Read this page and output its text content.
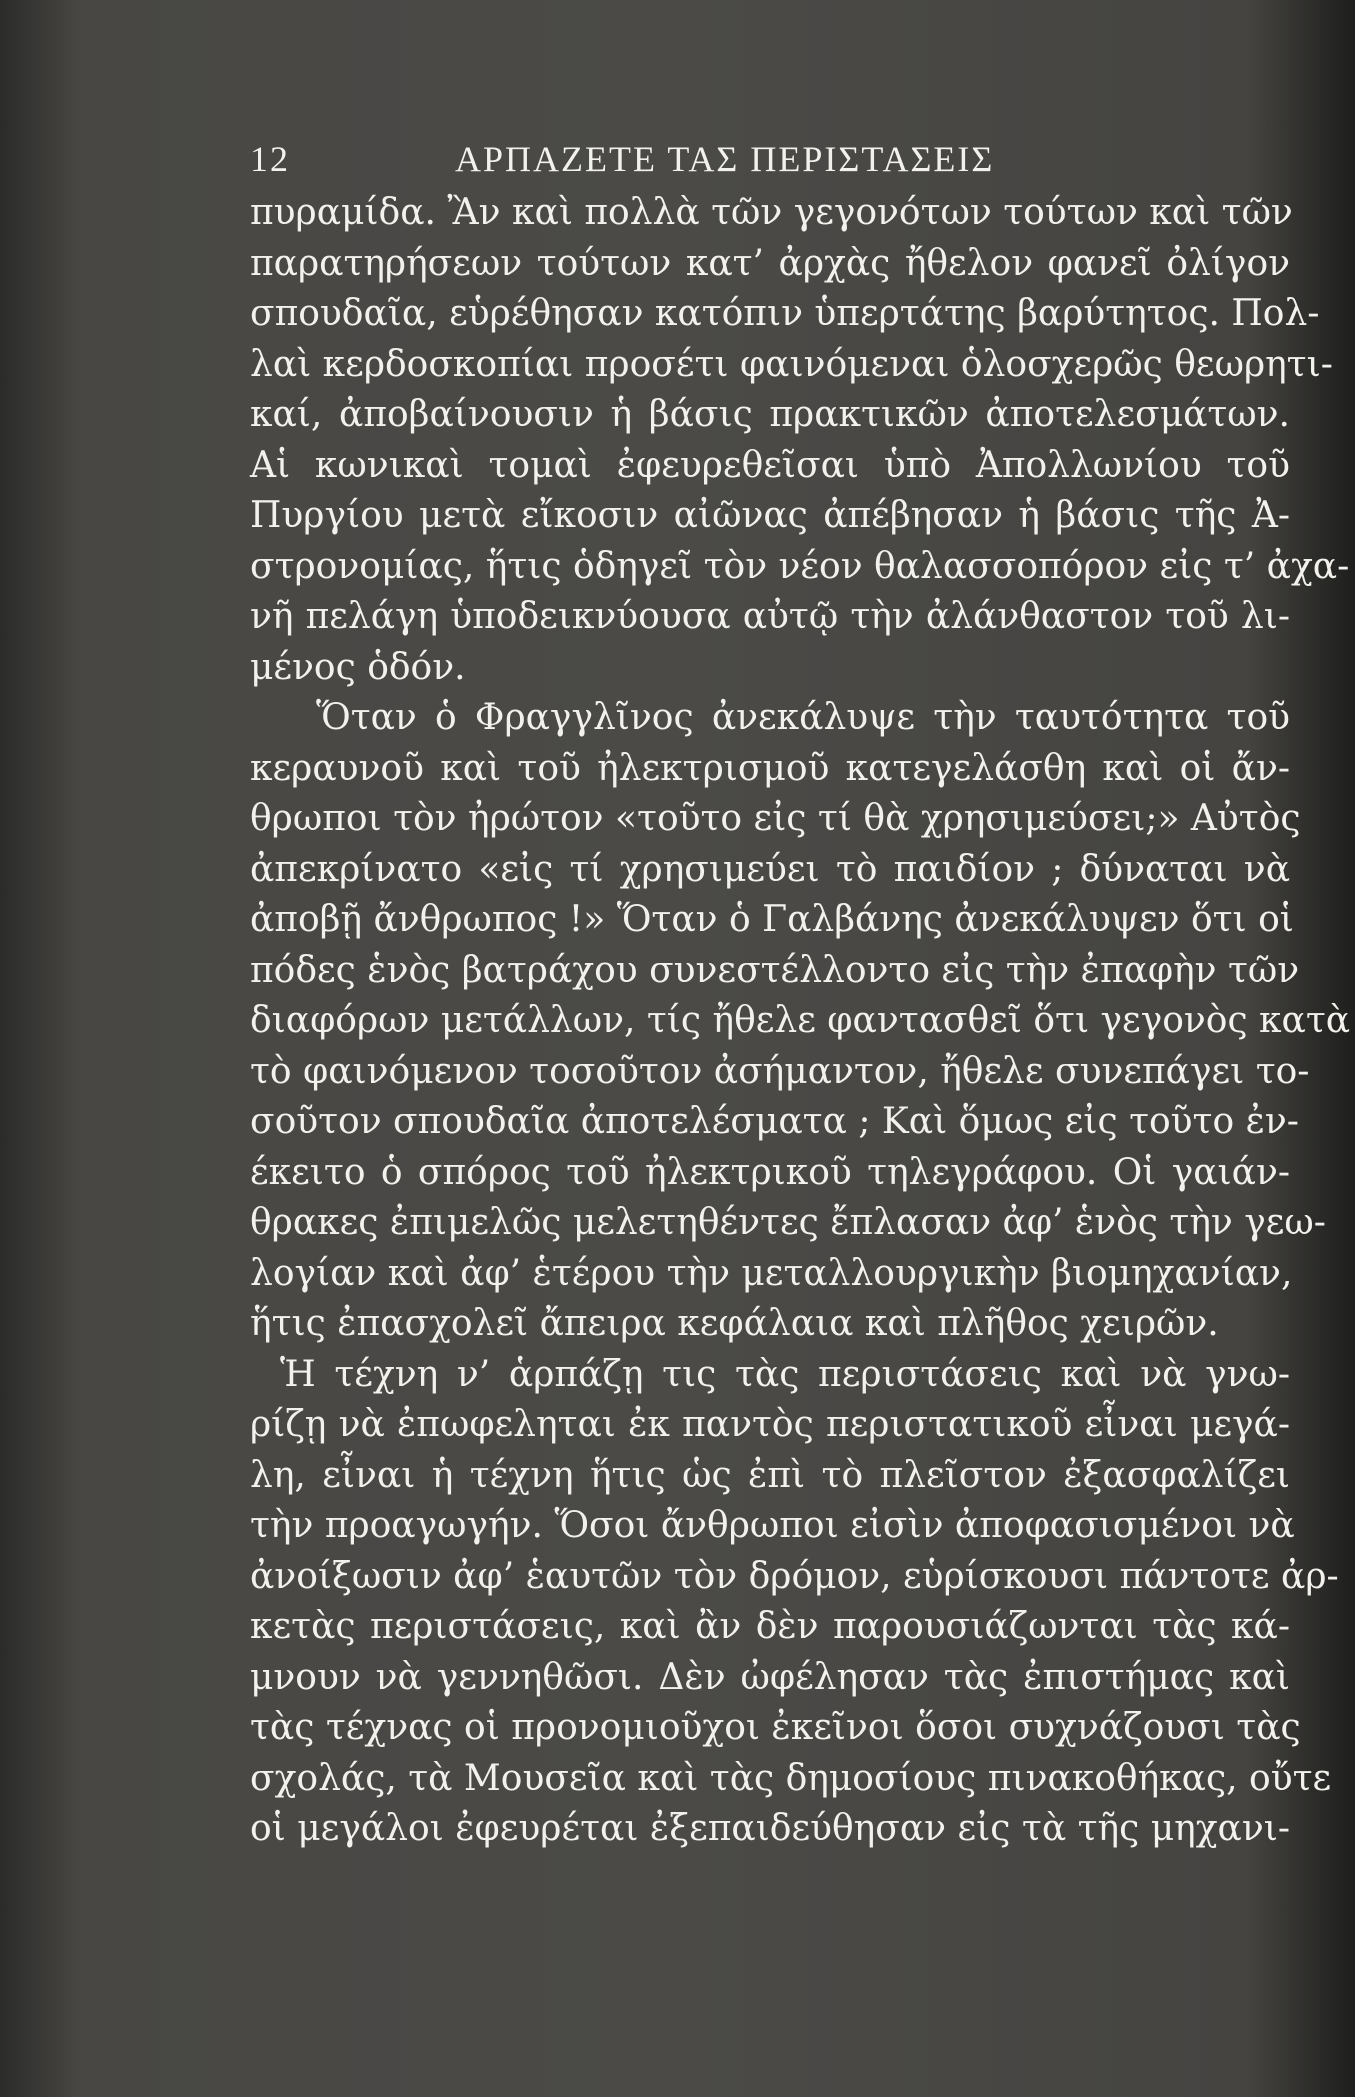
12	ΑΡΠΑΖΕΤΕ ΤΑΣ ΠΕΡΙΣΤΑΣΕΙΣ
πυραμίδα. Ἂν καὶ πολλὰ τῶν γεγονότων τούτων καὶ τῶν
παρατηρήσεων τούτων κατ’ ἀρχὰς ἤθελον φανεῖ ὀλίγον
σπουδαῖα, εὑρέθησαν κατόπιν ὑπερτάτης βαρύτητος. Πολ-
λαὶ κερδοσκοπίαι προσέτι φαινόμεναι ὁλοσχερῶς θεωρητι-
καί, ἀποβαίνουσιν ἡ βάσις πρακτικῶν ἀποτελεσμάτων.
Αἱ κωνικαὶ τομαὶ ἐφευρεθεῖσαι ὑπὸ Ἀπολλωνίου τοῦ
Πυργίου μετὰ εἴκοσιν αἰῶνας ἀπέβησαν ἡ βάσις τῆς Ἀ-
στρονομίας, ἥτις ὁδηγεῖ τὸν νέον θαλασσοπόρον εἰς τ’ ἀχα-
νῆ πελάγη ὑποδεικνύουσα αὐτῷ τὴν ἀλάνθαστον τοῦ λι-
μένος ὁδόν.
Ὅταν ὁ Φραγγλῖνος ἀνεκάλυψε τὴν ταυτότητα τοῦ
κεραυνοῦ καὶ τοῦ ἠλεκτρισμοῦ κατεγελάσθη καὶ οἱ ἄν-
θρωποι τὸν ἠρώτον «τοῦτο εἰς τί θὰ χρησιμεύσει;» Αὐτὸς
ἀπεκρίνατο «εἰς τί χρησιμεύει τὸ παιδίον ; δύναται νὰ
ἀποβῇ ἄνθρωπος !» Ὅταν ὁ Γαλβάνης ἀνεκάλυψεν ὅτι οἱ
πόδες ἑνὸς βατράχου συνεστέλλοντο εἰς τὴν ἐπαφὴν τῶν
διαφόρων μετάλλων, τίς ἤθελε φαντασθεῖ ὅτι γεγονὸς κατὰ
τὸ φαινόμενον τοσοῦτον ἀσήμαντον, ἤθελε συνεπάγει το-
σοῦτον σπουδαῖα ἀποτελέσματα ; Καὶ ὅμως εἰς τοῦτο ἐν-
έκειτο ὁ σπόρος τοῦ ἠλεκτρικοῦ τηλεγράφου. Οἱ γαιάν-
θρακες ἐπιμελῶς μελετηθέντες ἔπλασαν ἀφ’ ἑνὸς τὴν γεω-
λογίαν καὶ ἀφ’ ἑτέρου τὴν μεταλλουργικὴν βιομηχανίαν,
ἥτις ἐπασχολεῖ ἄπειρα κεφάλαια καὶ πλῆθος χειρῶν.
Ἡ τέχνη ν’ ἁρπάζῃ τις τὰς περιστάσεις καὶ νὰ γνω-
ρίζῃ νὰ ἐπωφεληται ἐκ παντὸς περιστατικοῦ εἶναι μεγά-
λη, εἶναι ἡ τέχνη ἥτις ὡς ἐπὶ τὸ πλεῖστον ἐξασφαλίζει
τὴν προαγωγήν. Ὅσοι ἄνθρωποι εἰσὶν ἀποφασισμένοι νὰ
ἀνοίξωσιν ἀφ’ ἑαυτῶν τὸν δρόμον, εὑρίσκουσι πάντοτε ἀρ-
κετὰς περιστάσεις, καὶ ἂν δὲν παρουσιάζωνται τὰς κά-
μνουν νὰ γεννηθῶσι. Δὲν ὠφέλησαν τὰς ἐπιστήμας καὶ
τὰς τέχνας οἱ προνομιοῦχοι ἐκεῖνοι ὅσοι συχνάζουσι τὰς
σχολάς, τὰ Μουσεῖα καὶ τὰς δημοσίους πινακοθήκας, οὔτε
οἱ μεγάλοι ἐφευρέται ἐξεπαιδεύθησαν εἰς τὰ τῆς μηχανι-
